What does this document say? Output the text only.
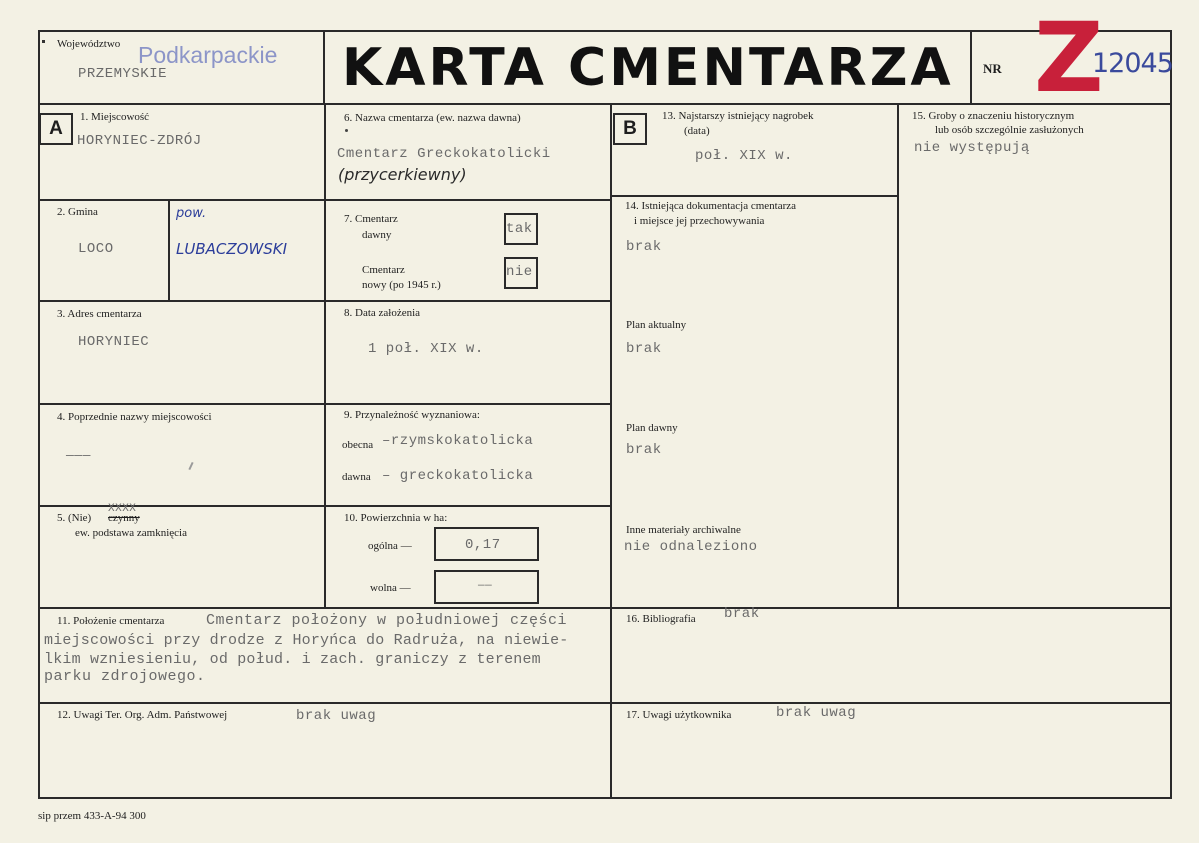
Województwo Podkarpackie
PRZEMYSKIE	KARTA CMENTARZA NR Z
12045
A	B
1. Miejscowość
HORYNIEC-ZDRÓJ
2. Gmina
LOCO
pow.
LUBACZOWSKI
3. Adres cmentarza
HORYNIEC
4. Poprzednie nazwy miejscowości
———
5. (Nie) czynny
XXXX
ew. podstawa zamknięcia
6. Nazwa cmentarza (ew. nazwa dawna)
Cmentarz Greckokatolicki
(przycerkiewny)
7. Cmentarz
dawny	tak
Cmentarz
nowy (po 1945 r.)
nie
8. Data założenia
1 poł. XIX w.
9. Przynależność wyznaniowa:
obecna –rzymskokatolicka
dawna – greckokatolicka
10. Powierzchnia w ha:
ogólna —	0,17
wolna —	——
13. Najstarszy istniejący nagrobek
(data)
poł. XIX w.
14. Istniejąca dokumentacja cmentarza
i miejsce jej przechowywania
brak
Plan aktualny
brak
Plan dawny
brak
Inne materiały archiwalne
nie odnaleziono
15. Groby o znaczeniu historycznym
lub osób szczególnie zasłużonych
nie występują
11. Położenie cmentarza	Cmentarz położony w południowej części
miejscowości przy drodze z Horyńca do Radruża, na niewie-
lkim wzniesieniu, od połud. i zach. graniczy z terenem
parku zdrojowego.
16. Bibliografia brak
12. Uwagi Ter. Org. Adm. Państwowej	brak uwag	17. Uwagi użytkownika	brak uwag
sip przem 433-A-94 300
